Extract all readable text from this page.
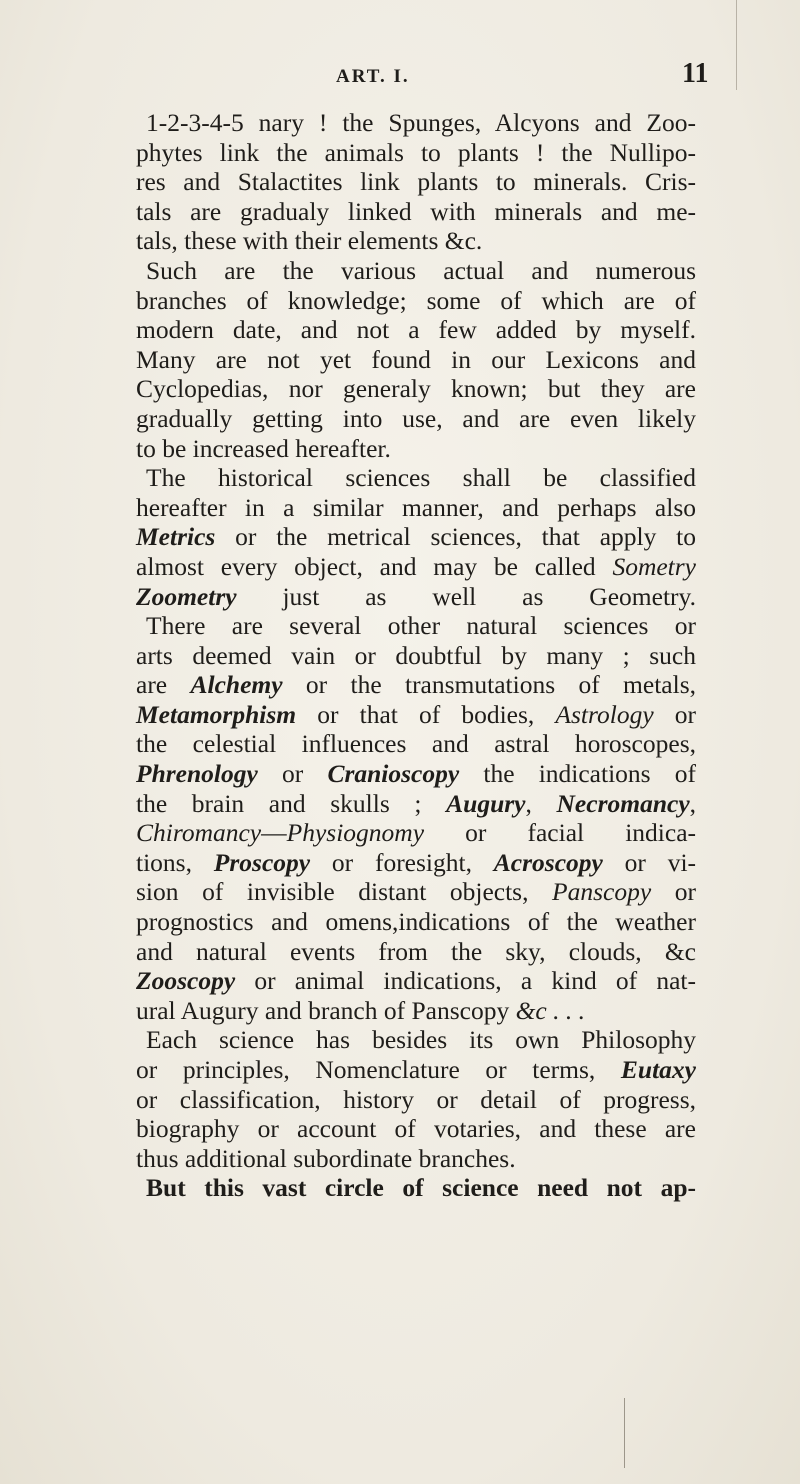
ART. I.	11
1-2-3-4-5 nary ! the Spunges, Alcyons and Zoo-
phytes link the animals to plants ! the Nullipo-
res and Stalactites link plants to minerals. Cris-
tals are gradualy linked with minerals and me-
tals, these with their elements &c.
Such are the various actual and numerous
branches of knowledge; some of which are of
modern date, and not a few added by myself.
Many are not yet found in our Lexicons and
Cyclopedias, nor generaly known; but they are
gradually getting into use, and are even likely
to be increased hereafter.
The historical sciences shall be classified
hereafter in a similar manner, and perhaps also
Metrics or the metrical sciences, that apply to
almost every object, and may be called Sometry
Zoometry just as well as Geometry.
There are several other natural sciences or
arts deemed vain or doubtful by many ; such
are Alchemy or the transmutations of metals,
Metamorphism or that of bodies, Astrology or
the celestial influences and astral horoscopes,
Phrenology or Cranioscopy the indications of
the brain and skulls ; Augury, Necromancy,
Chiromancy—Physiognomy or facial indica-
tions, Proscopy or foresight, Acroscopy or vi-
sion of invisible distant objects, Panscopy or
prognostics and omens,indications of the weather
and natural events from the sky, clouds, &c
Zooscopy or animal indications, a kind of nat-
ural Augury and branch of Panscopy &c . . .
Each science has besides its own Philosophy
or principles, Nomenclature or terms, Eutaxy
or classification, history or detail of progress,
biography or account of votaries, and these are
thus additional subordinate branches.
But this vast circle of science need not ap-
